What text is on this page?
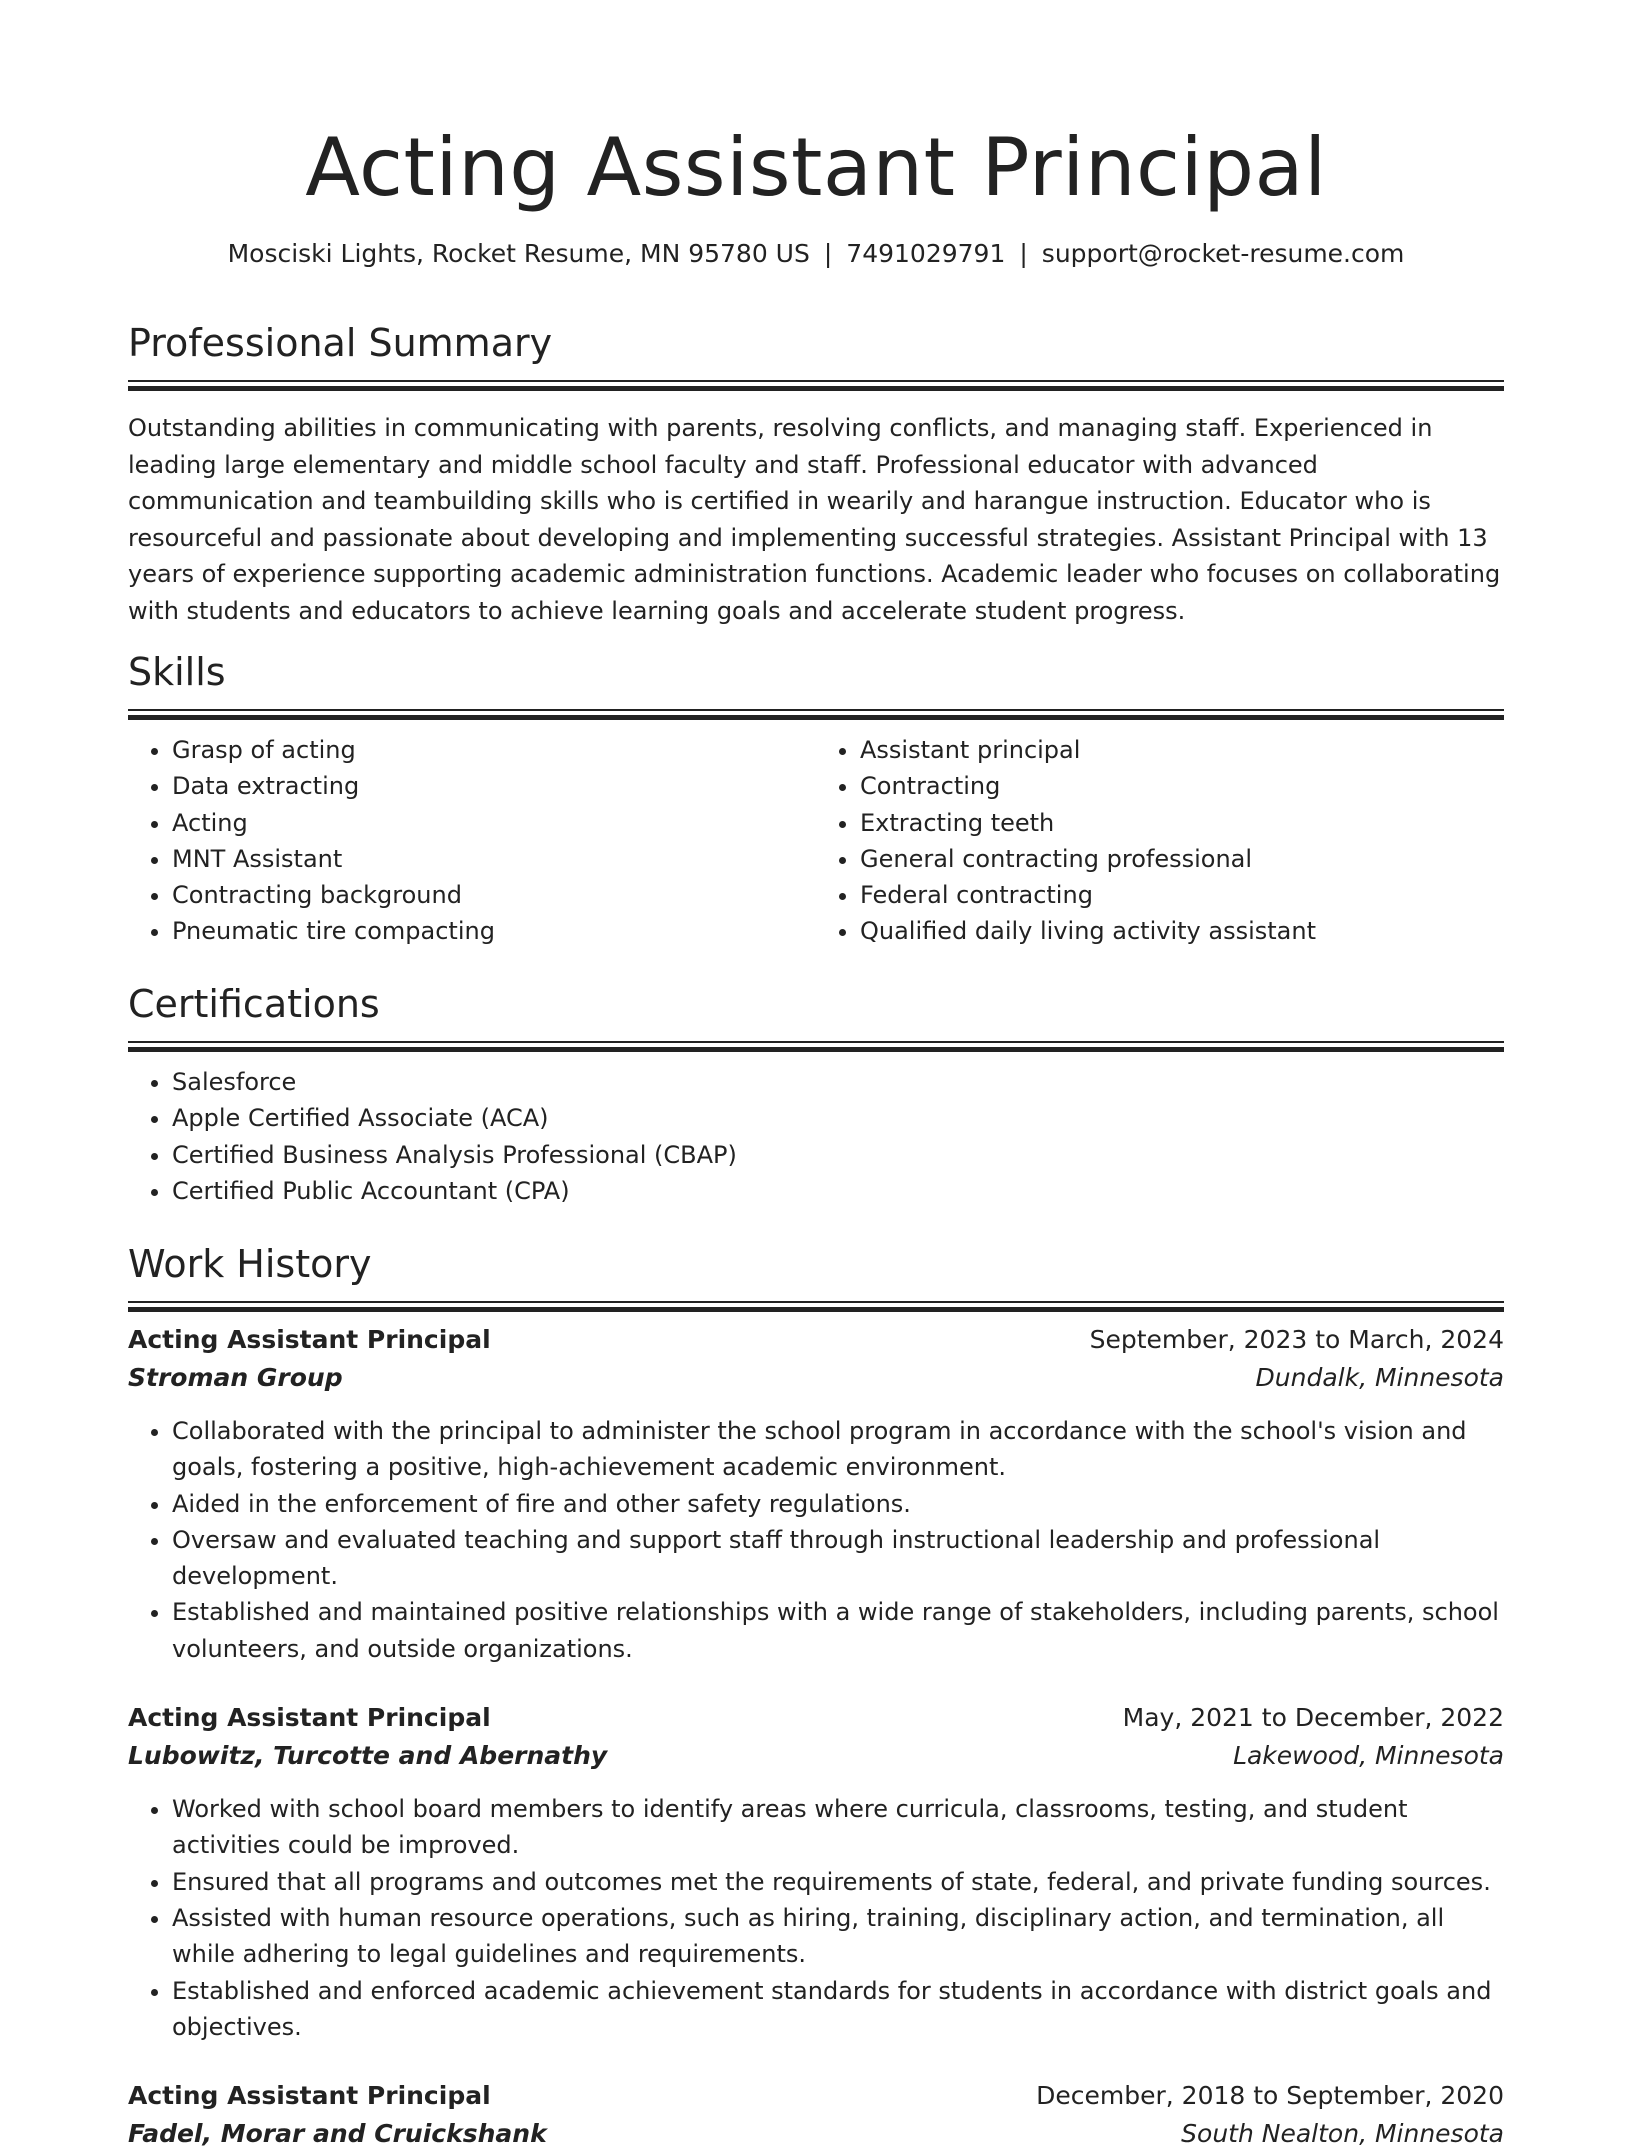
Acting Assistant Principal
Mosciski Lights, Rocket Resume, MN 95780 US | 7491029791 | support@rocket-resume.com
Professional Summary
Outstanding abilities in communicating with parents, resolving conflicts, and managing staff. Experienced in leading large elementary and middle school faculty and staff. Professional educator with advanced communication and teambuilding skills who is certified in wearily and harangue instruction. Educator who is resourceful and passionate about developing and implementing successful strategies. Assistant Principal with 13 years of experience supporting academic administration functions. Academic leader who focuses on collaborating with students and educators to achieve learning goals and accelerate student progress.
Skills
• Grasp of acting
• Data extracting
• Acting
• MNT Assistant
• Contracting background
• Pneumatic tire compacting
• Assistant principal
• Contracting
• Extracting teeth
• General contracting professional
• Federal contracting
• Qualified daily living activity assistant
Certifications
• Salesforce
• Apple Certified Associate (ACA)
• Certified Business Analysis Professional (CBAP)
• Certified Public Accountant (CPA)
Work History
Acting Assistant Principal	September, 2023 to March, 2024
Stroman Group	Dundalk, Minnesota
• Collaborated with the principal to administer the school program in accordance with the school's vision and goals, fostering a positive, high-achievement academic environment.
• Aided in the enforcement of fire and other safety regulations.
• Oversaw and evaluated teaching and support staff through instructional leadership and professional development.
• Established and maintained positive relationships with a wide range of stakeholders, including parents, school volunteers, and outside organizations.
Acting Assistant Principal	May, 2021 to December, 2022
Lubowitz, Turcotte and Abernathy	Lakewood, Minnesota
• Worked with school board members to identify areas where curricula, classrooms, testing, and student activities could be improved.
• Ensured that all programs and outcomes met the requirements of state, federal, and private funding sources.
• Assisted with human resource operations, such as hiring, training, disciplinary action, and termination, all while adhering to legal guidelines and requirements.
• Established and enforced academic achievement standards for students in accordance with district goals and objectives.
Acting Assistant Principal	December, 2018 to September, 2020
Fadel, Morar and Cruickshank	South Nealton, Minnesota
